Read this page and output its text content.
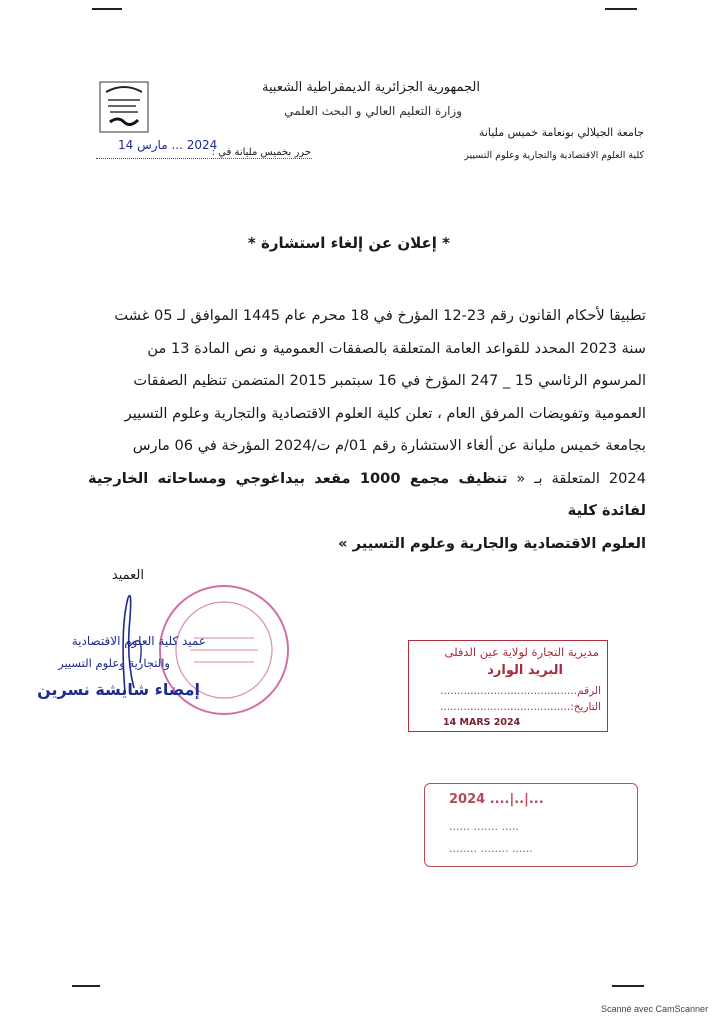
الجمهورية الجزائرية الديمقراطية الشعبية
وزارة التعليم العالي و البحث العلمي
جامعة الجيلالي بونعامة خميس مليانة
كلية العلوم الاقتصادية والتجارية وعلوم التسيير
حرر بخميس مليانة في :
2024 ... مارس 14
* إعلان عن إلغاء استشارة *

تطبيقا لأحكام القانون رقم 23-12 المؤرخ في 18 محرم عام 1445 الموافق لـ 05 غشت

سنة 2023 المحدد للقواعد العامة المتعلقة بالصفقات العمومية و نص المادة 13 من

المرسوم الرئاسي 15 _ 247 المؤرخ في 16 سبتمبر 2015 المتضمن تنظيم الصفقات

العمومية وتفويضات المرفق العام ، تعلن كلية العلوم الاقتصادية والتجارية وعلوم التسيير

بجامعة خميس مليانة عن ألغاء الاستشارة رقم 01/م ت/2024 المؤرخة في 06 مارس

2024 المتعلقة بـ « تنظيف مجمع 1000 مقعد بيداغوجي ومساحاته الخارجية لفائدة كلية

العلوم الاقتصادية والجارية وعلوم التسيير »

العميد
عميد كلية العلوم الاقتصادية
والتجارية وعلوم التسيير
إمضاء شايشة نسرين
مديرية التجارة لولاية عين الدفلى
البريد الوارد
الرقم.........................................
التاريخ:.......................................
14 MARS 2024
2024 ....|..|...
...... ....... .....
........ ........ ......
Scanné avec CamScanner
